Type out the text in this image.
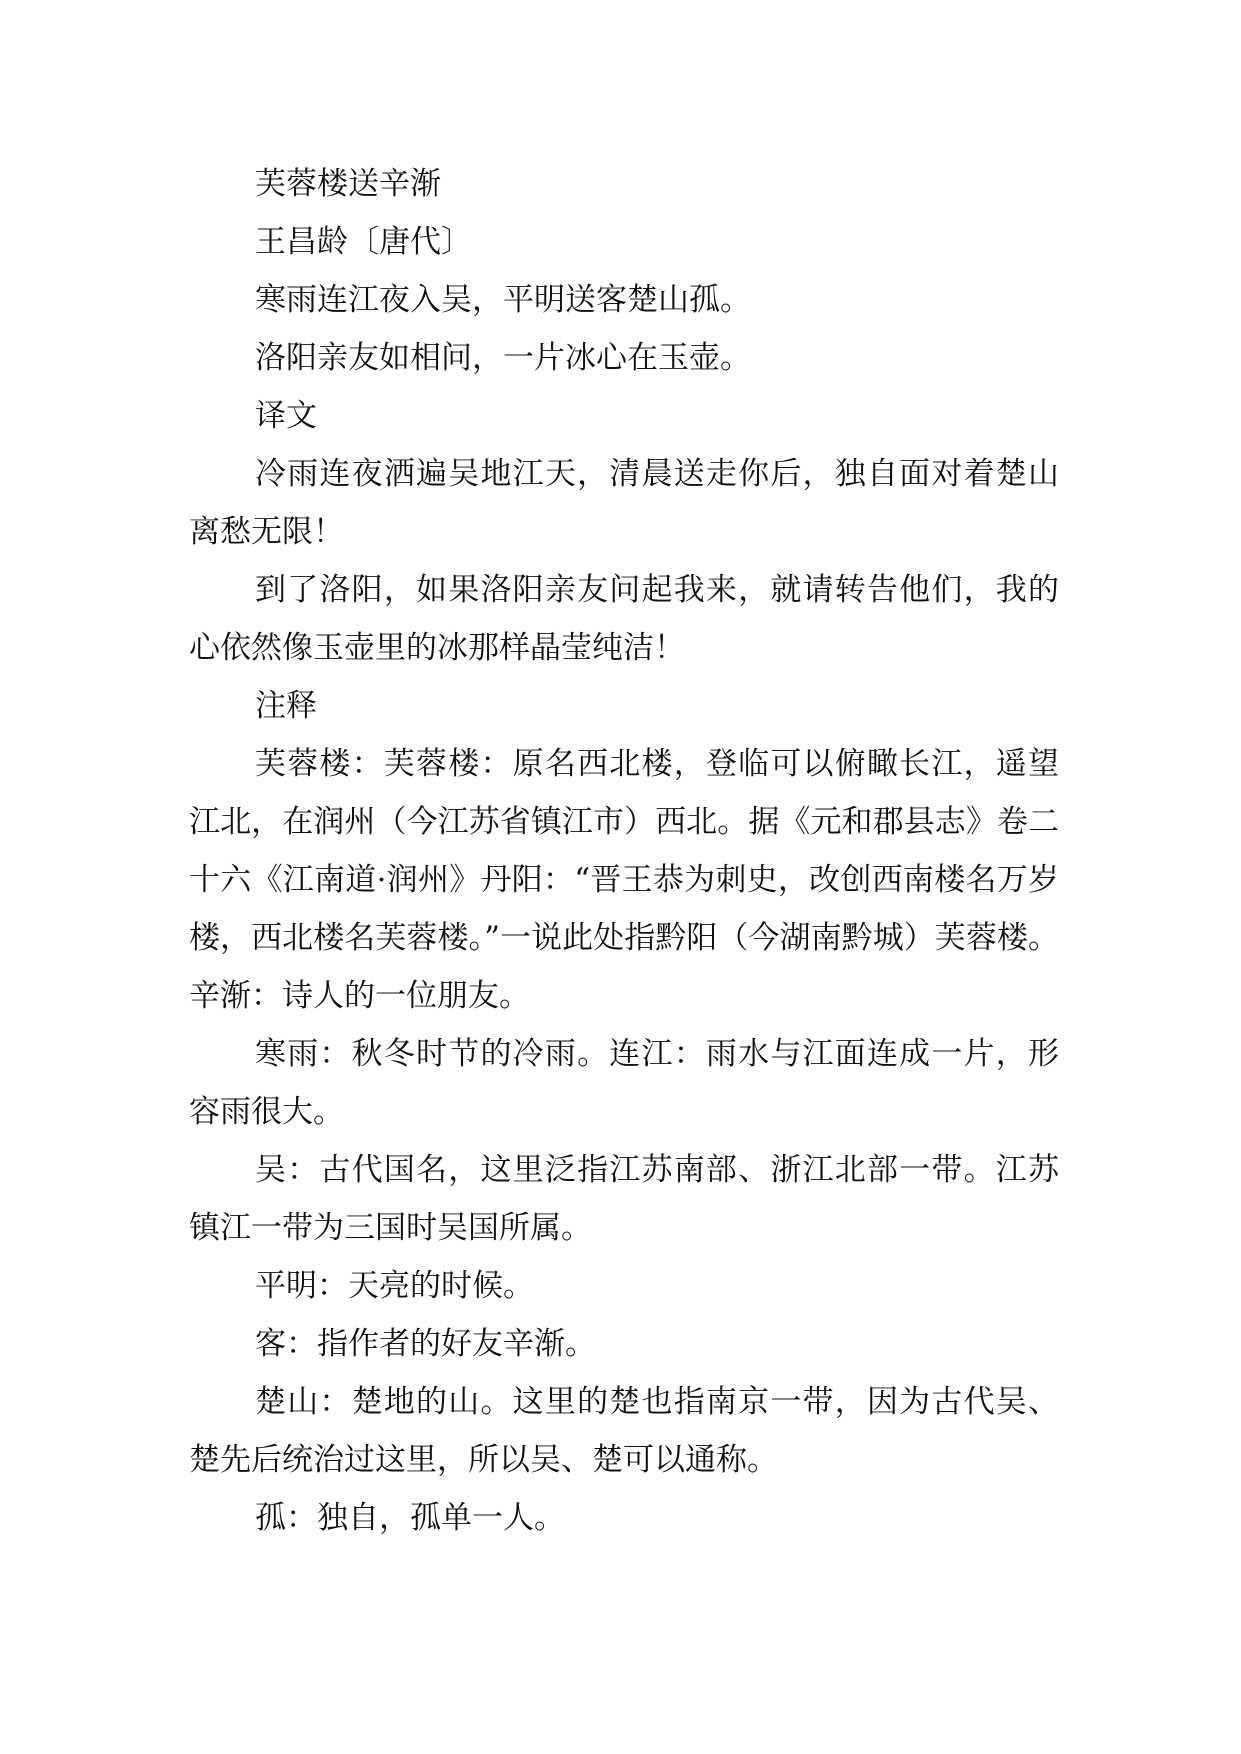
芙蓉楼送辛渐

王昌龄〔唐代〕

寒雨连江夜入吴，平明送客楚山孤。

洛阳亲友如相问，一片冰心在玉壶。

译文

冷雨连夜洒遍吴地江天，清晨送走你后，独自面对着楚山离愁无限！

到了洛阳，如果洛阳亲友问起我来，就请转告他们，我的心依然像玉壶里的冰那样晶莹纯洁！

注释

芙蓉楼：芙蓉楼：原名西北楼，登临可以俯瞰长江，遥望江北，在润州（今江苏省镇江市）西北。据《元和郡县志》卷二十六《江南道·润州》丹阳：“晋王恭为刺史，改创西南楼名万岁楼，西北楼名芙蓉楼。”一说此处指黔阳（今湖南黔城）芙蓉楼。辛渐：诗人的一位朋友。

寒雨：秋冬时节的冷雨。连江：雨水与江面连成一片，形容雨很大。

吴：古代国名，这里泛指江苏南部、浙江北部一带。江苏镇江一带为三国时吴国所属。

平明：天亮的时候。

客：指作者的好友辛渐。

楚山：楚地的山。这里的楚也指南京一带，因为古代吴、楚先后统治过这里，所以吴、楚可以通称。

孤：独自，孤单一人。
